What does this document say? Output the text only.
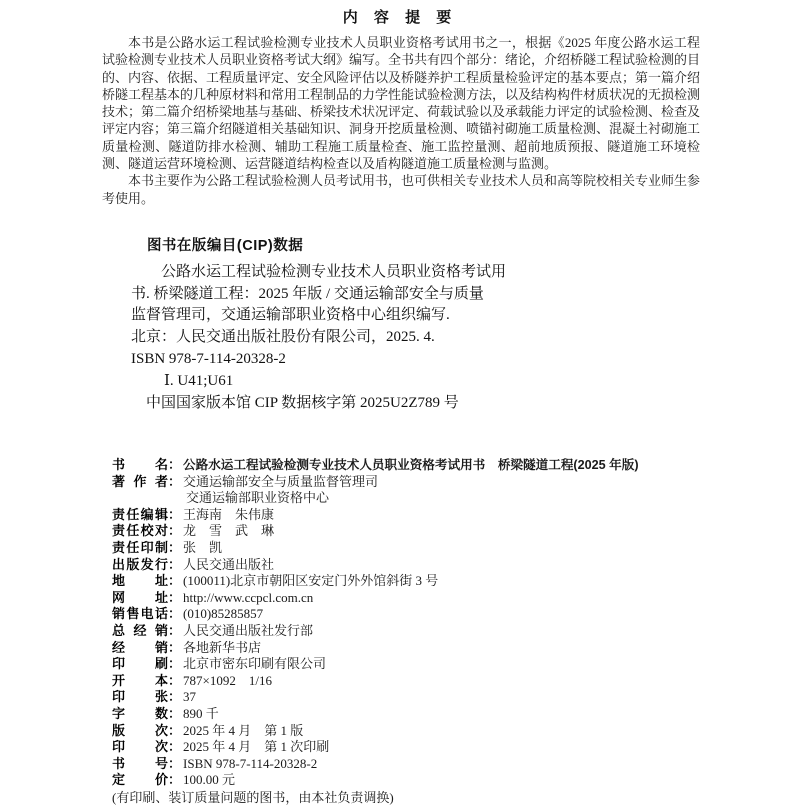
内 容 提 要

本书是公路水运工程试验检测专业技术人员职业资格考试用书之一，根据《2025 年度公路水运工程试验检测专业技术人员职业资格考试大纲》编写。全书共有四个部分：绪论，介绍桥隧工程试验检测的目的、内容、依据、工程质量评定、安全风险评估以及桥隧养护工程质量检验评定的基本要点；第一篇介绍桥隧工程基本的几种原材料和常用工程制品的力学性能试验检测方法，以及结构构件材质状况的无损检测技术；第二篇介绍桥梁地基与基础、桥梁技术状况评定、荷载试验以及承载能力评定的试验检测、检查及评定内容；第三篇介绍隧道相关基础知识、洞身开挖质量检测、喷锚衬砌施工质量检测、混凝土衬砌施工质量检测、隧道防排水检测、辅助工程施工质量检查、施工监控量测、超前地质预报、隧道施工环境检测、隧道运营环境检测、运营隧道结构检查以及盾构隧道施工质量检测与监测。

本书主要作为公路工程试验检测人员考试用书，也可供相关专业技术人员和高等院校相关专业师生参考使用。

图书在版编目(CIP)数据
公路水运工程试验检测专业技术人员职业资格考试用
书. 桥梁隧道工程：2025 年版 / 交通运输部安全与质量
监督管理司，交通运输部职业资格中心组织编写.
北京：人民交通出版社股份有限公司，2025. 4.
ISBN 978-7-114-20328-2
Ⅰ. U41;U61
中国国家版本馆 CIP 数据核字第 2025U2Z789 号
书名 ： 公路水运工程试验检测专业技术人员职业资格考试用书　桥梁隧道工程(2025 年版)
著作者 ： 交通运输部安全与质量监督管理司
交通运输部职业资格中心
责任编辑 ： 王海南　朱伟康
责任校对 ： 龙　雪　武　琳
责任印制 ： 张　凯
出版发行 ： 人民交通出版社
地址 ： (100011)北京市朝阳区安定门外外馆斜街 3 号
网址 ： http://www.ccpcl.com.cn
销售电话 ： (010)85285857
总经销 ： 人民交通出版社发行部
经销 ： 各地新华书店
印刷 ： 北京市密东印刷有限公司
开本 ： 787×1092　1/16
印张 ： 37
字数 ： 890 千
版次 ： 2025 年 4 月　第 1 版
印次 ： 2025 年 4 月　第 1 次印刷
书号 ： ISBN 978-7-114-20328-2
定价 ： 100.00 元
(有印刷、装订质量问题的图书，由本社负责调换)
